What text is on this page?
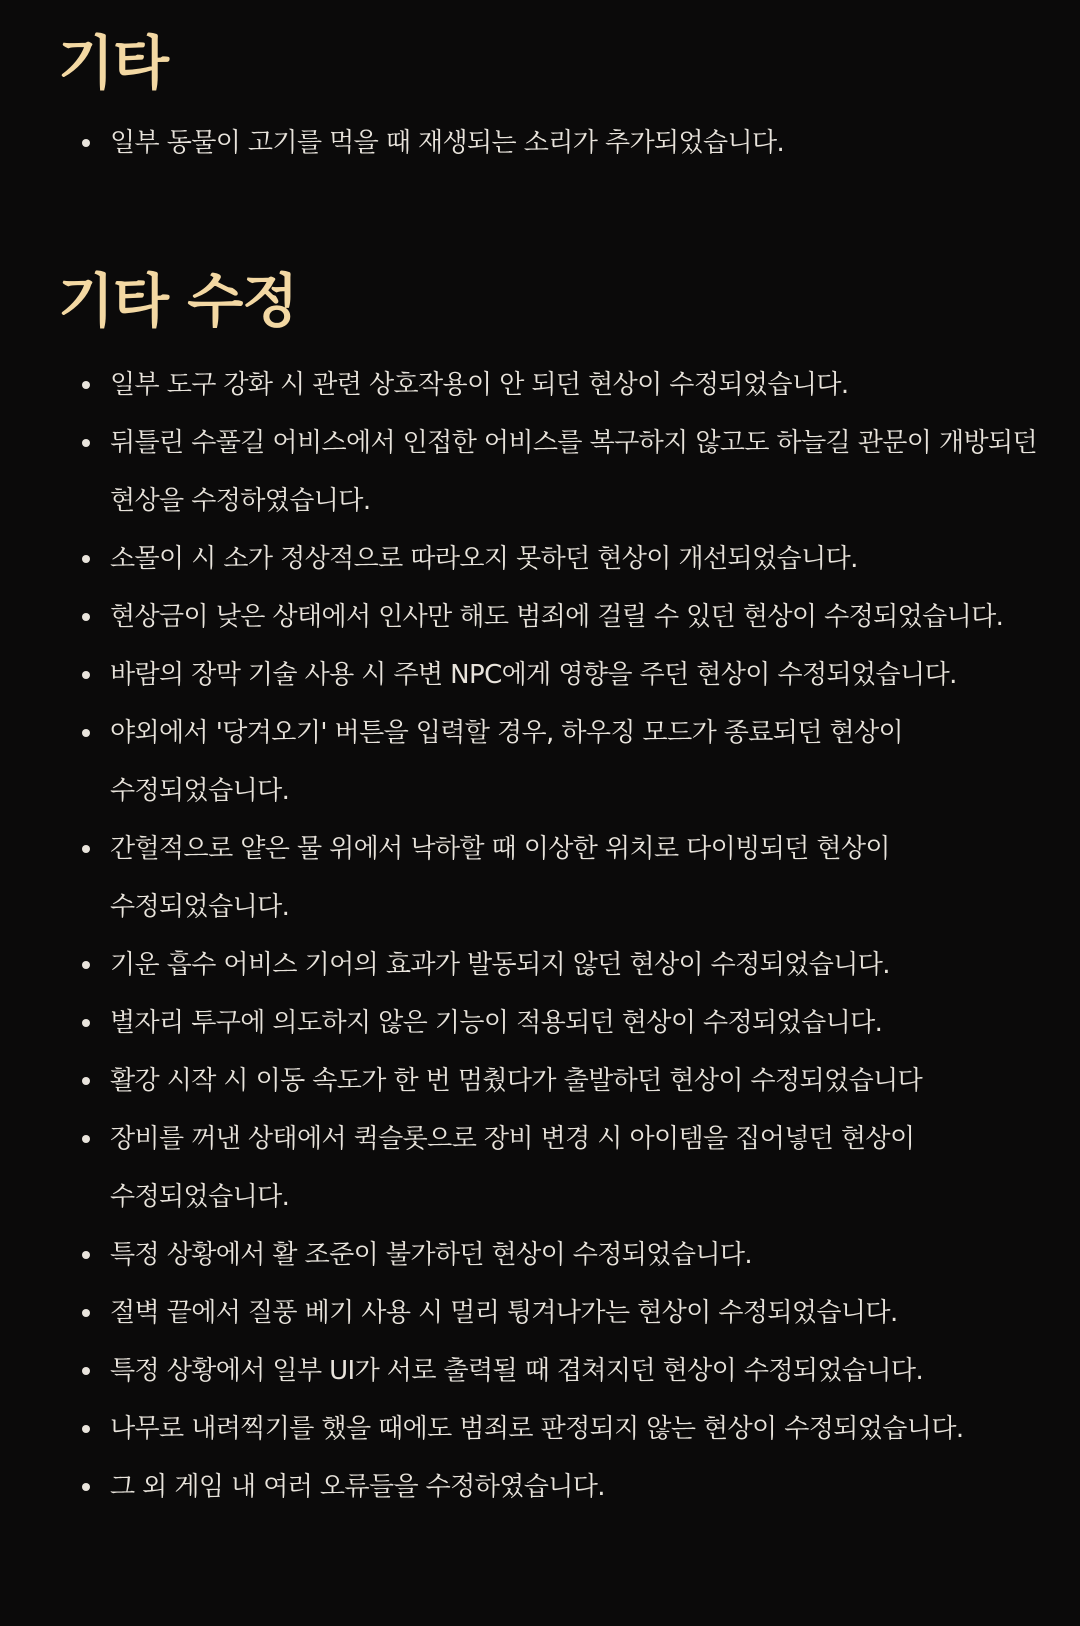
기타
일부 동물이 고기를 먹을 때 재생되는 소리가 추가되었습니다.
기타 수정
일부 도구 강화 시 관련 상호작용이 안 되던 현상이 수정되었습니다.
뒤틀린 수풀길 어비스에서 인접한 어비스를 복구하지 않고도 하늘길 관문이 개방되던 현상을 수정하였습니다.
소몰이 시 소가 정상적으로 따라오지 못하던 현상이 개선되었습니다.
현상금이 낮은 상태에서 인사만 해도 범죄에 걸릴 수 있던 현상이 수정되었습니다.
바람의 장막 기술 사용 시 주변 NPC에게 영향을 주던 현상이 수정되었습니다.
야외에서 '당겨오기' 버튼을 입력할 경우, 하우징 모드가 종료되던 현상이 수정되었습니다.
간헐적으로 얕은 물 위에서 낙하할 때 이상한 위치로 다이빙되던 현상이 수정되었습니다.
기운 흡수 어비스 기어의 효과가 발동되지 않던 현상이 수정되었습니다.
별자리 투구에 의도하지 않은 기능이 적용되던 현상이 수정되었습니다.
활강 시작 시 이동 속도가 한 번 멈췄다가 출발하던 현상이 수정되었습니다
장비를 꺼낸 상태에서 퀵슬롯으로 장비 변경 시 아이템을 집어넣던 현상이 수정되었습니다.
특정 상황에서 활 조준이 불가하던 현상이 수정되었습니다.
절벽 끝에서 질풍 베기 사용 시 멀리 튕겨나가는 현상이 수정되었습니다.
특정 상황에서 일부 UI가 서로 출력될 때 겹쳐지던 현상이 수정되었습니다.
나무로 내려찍기를 했을 때에도 범죄로 판정되지 않는 현상이 수정되었습니다.
그 외 게임 내 여러 오류들을 수정하였습니다.
